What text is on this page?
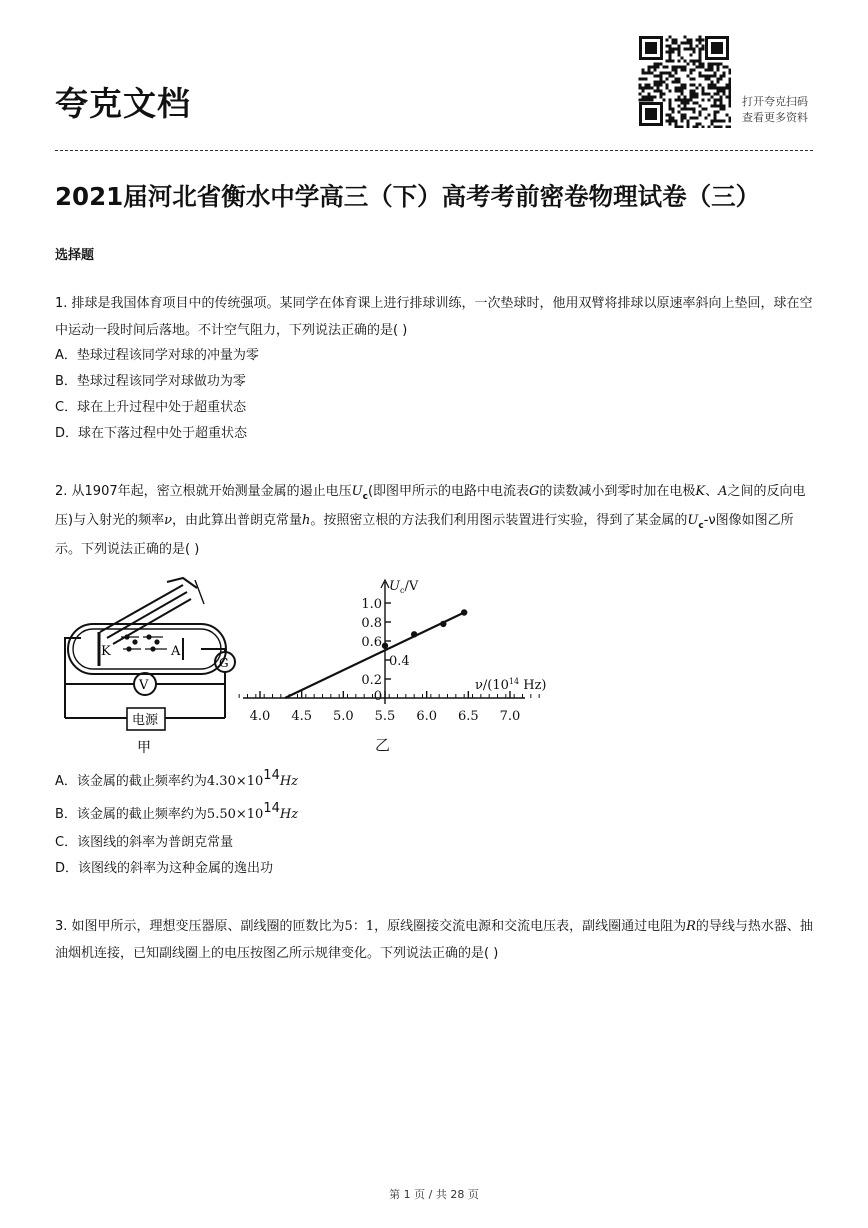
夸克文档	打开夸克扫码
查看更多资料
2021届河北省衡水中学高三（下）高考考前密卷物理试卷（三）
选择题
1. 排球是我国体育项目中的传统强项。某同学在体育课上进行排球训练，一次垫球时，他用双臂将排球以原速率斜向上垫回，球在空中运动一段时间后落地。不计空气阻力，下列说法正确的是( )
A．垫球过程该同学对球的冲量为零
B．垫球过程该同学对球做功为零
C．球在上升过程中处于超重状态
D．球在下落过程中处于超重状态
2. 从1907年起，密立根就开始测量金属的遏止电压$U_c$(即图甲所示的电路中电流表G的读数减小到零时加在电极K、A之间的反向电压)与入射光的频率ν，由此算出普朗克常量h。按照密立根的方法我们利用图示装置进行实验，得到了某金属的$U_c-\nu$图像如图乙所示。下列说法正确的是( )
K	A
G
V
电源
甲
4.0 4.5 5.0 5.5 6.0 6.5 7.0
0
0.2
0.4
0.6
0.8
1.0
$U_c/V$
$\nu/(10^{14}$ Hz)
乙
A．该金属的截止频率约为4.30×1014Hz
B．该金属的截止频率约为5.50×1014Hz
C．该图线的斜率为普朗克常量
D．该图线的斜率为这种金属的逸出功
3. 如图甲所示，理想变压器原、副线圈的匝数比为5：1，原线圈接交流电源和交流电压表，副线圈通过电阻为R的导线与热水器、抽油烟机连接，已知副线圈上的电压按图乙所示规律变化。下列说法正确的是( )
第 1 页 / 共 28 页
